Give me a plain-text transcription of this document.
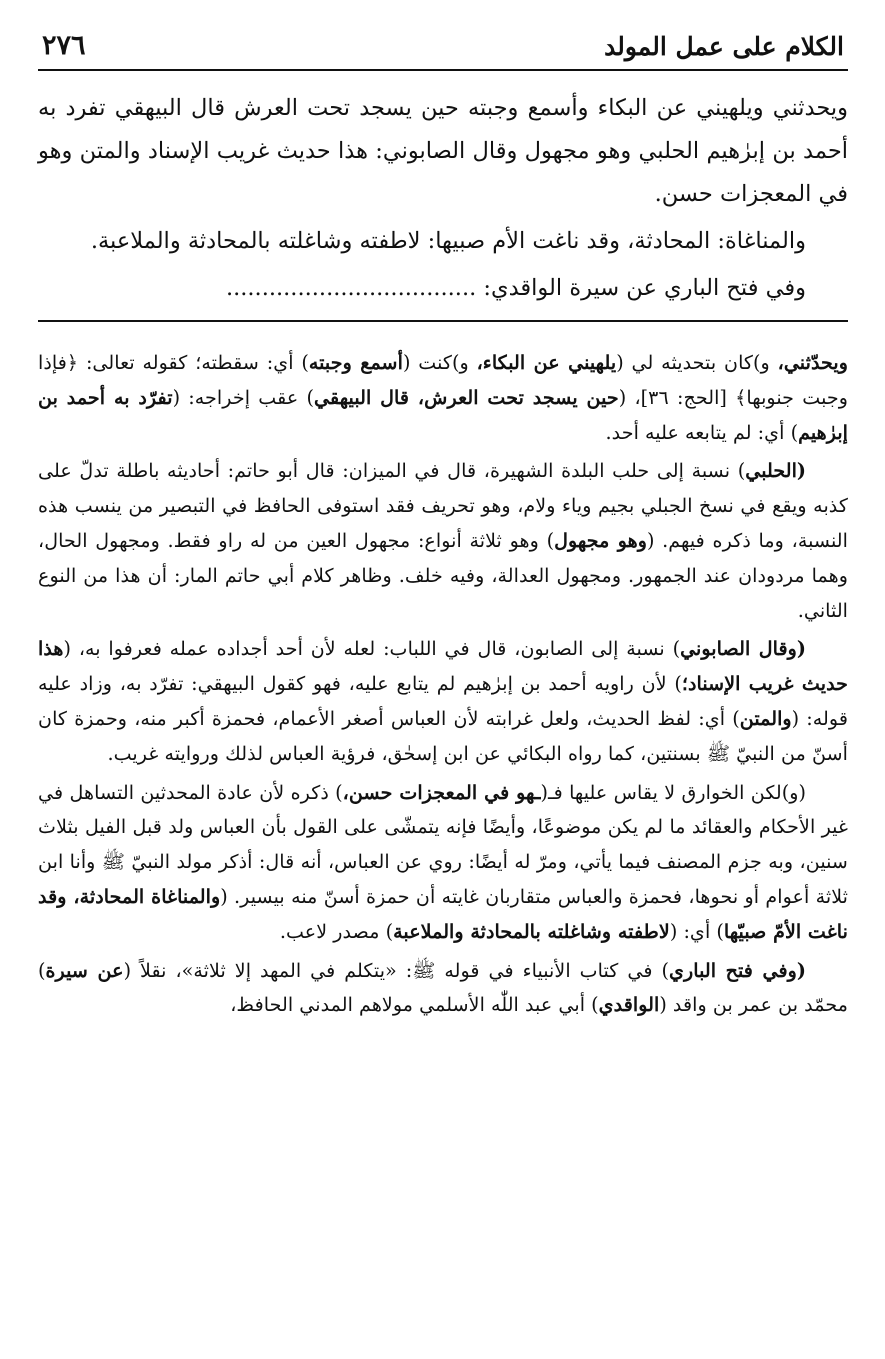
الكلام على عمل المولد
٢٧٦

ويحدثني ويلهيني عن البكاء وأسمع وجبته حين يسجد تحت العرش قال البيهقي تفرد به أحمد بن إبرٰهيم الحلبي وهو مجهول وقال الصابوني: هذا حديث غريب الإسناد والمتن وهو في المعجزات حسن.

والمناغاة: المحادثة، وقد ناغت الأم صبيها: لاطفته وشاغلته بالمحادثة والملاعبة.

وفي فتح الباري عن سيرة الواقدي: ...................................

ويحدّثني، و)كان بتحديثه لي (يلهيني عن البكاء، و)كنت (أسمع وجبته) أي: سقطته؛ كقوله تعالى: ﴿فإذا وجبت جنوبها﴾ [الحج: ٣٦]، (حين يسجد تحت العرش، قال البيهقي) عقب إخراجه: (تفرّد به أحمد بن إبرٰهيم) أي: لم يتابعه عليه أحد.

(الحلبي) نسبة إلى حلب البلدة الشهيرة، قال في الميزان: قال أبو حاتم: أحاديثه باطلة تدلّ على كذبه ويقع في نسخ الجبلي بجيم وياء ولام، وهو تحريف فقد استوفى الحافظ في التبصير من ينسب هذه النسبة، وما ذكره فيهم. (وهو مجهول) وهو ثلاثة أنواع: مجهول العين من له راو فقط. ومجهول الحال، وهما مردودان عند الجمهور. ومجهول العدالة، وفيه خلف. وظاهر كلام أبي حاتم المار: أن هذا من النوع الثاني.

(وقال الصابوني) نسبة إلى الصابون، قال في اللباب: لعله لأن أحد أجداده عمله فعرفوا به، (هذا حديث غريب الإسناد؛) لأن راويه أحمد بن إبرٰهيم لم يتابع عليه، فهو كقول البيهقي: تفرّد به، وزاد عليه قوله: (والمتن) أي: لفظ الحديث، ولعل غرابته لأن العباس أصغر الأعمام، فحمزة أكبر منه، وحمزة كان أسنّ من النبيّ ﷺ بسنتين، كما رواه البكائي عن ابن إسحٰق، فرؤية العباس لذلك وروايته غريب.

(و)لكن الخوارق لا يقاس عليها فـ(ـهو في المعجزات حسن،) ذكره لأن عادة المحدثين التساهل في غير الأحكام والعقائد ما لم يكن موضوعًا، وأيضًا فإنه يتمشّى على القول بأن العباس ولد قبل الفيل بثلاث سنين، وبه جزم المصنف فيما يأتي، ومرّ له أيضًا: روي عن العباس، أنه قال: أذكر مولد النبيّ ﷺ وأنا ابن ثلاثة أعوام أو نحوها، فحمزة والعباس متقاربان غايته أن حمزة أسنّ منه بيسير. (والمناغاة المحادثة، وقد ناغت الأمّ صبيّها) أي: (لاطفته وشاغلته بالمحادثة والملاعبة) مصدر لاعب.

(وفي فتح الباري) في كتاب الأنبياء في قوله ﷺ: «يتكلم في المهد إلا ثلاثة»، نقلاً (عن سيرة) محمّد بن عمر بن واقد (الواقدي) أبي عبد اللّٰه الأسلمي مولاهم المدني الحافظ،
